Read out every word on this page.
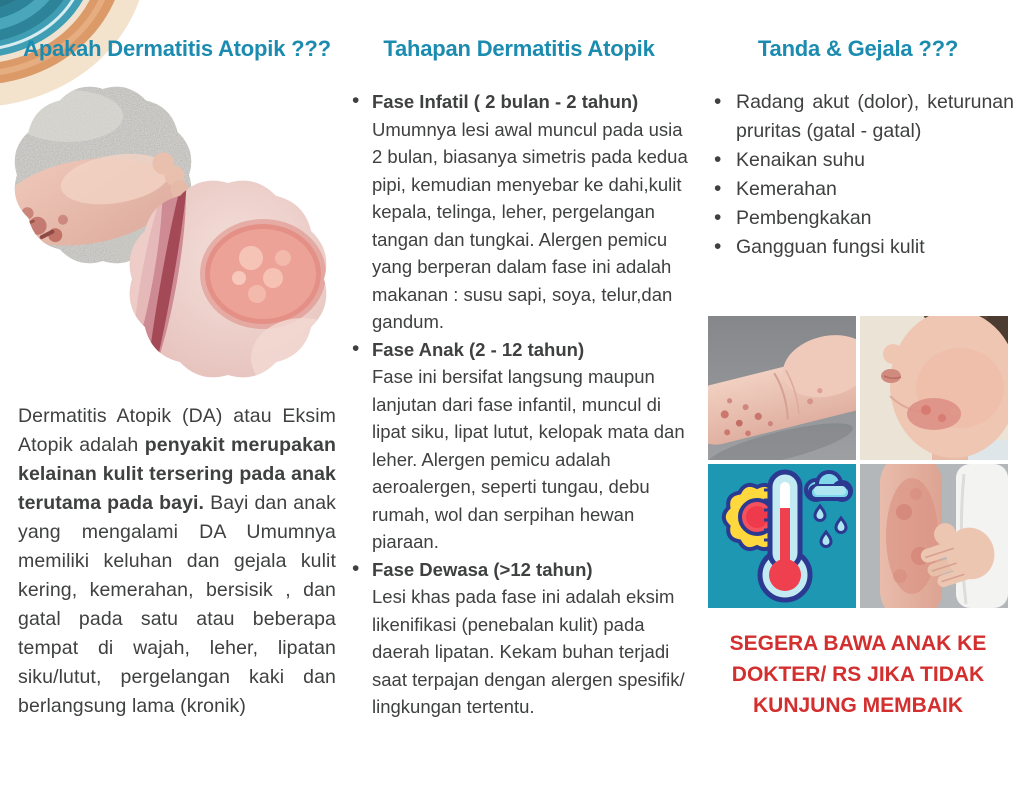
Apakah Dermatitis Atopik ???

Dermatitis Atopik (DA) atau Eksim Atopik adalah penyakit merupakan kelainan kulit tersering pada anak terutama pada bayi. Bayi dan anak yang mengalami DA Umumnya memiliki keluhan dan gejala kulit kering, kemerahan, bersisik , dan gatal pada satu atau beberapa tempat di wajah, leher, lipatan siku/lutut, pergelangan kaki dan berlangsung lama (kronik)

Tahapan Dermatitis Atopik
• Fase Infatil ( 2 bulan - 2 tahun)
Umumnya lesi awal muncul pada usia 2 bulan, biasanya simetris pada kedua pipi, kemudian menyebar ke dahi,kulit kepala, telinga, leher, pergelangan tangan dan tungkai. Alergen pemicu yang berperan dalam fase ini adalah makanan : susu sapi, soya, telur,dan gandum.
• Fase Anak (2 - 12 tahun)
Fase ini bersifat langsung maupun lanjutan dari fase infantil, muncul di lipat siku, lipat lutut, kelopak mata dan leher. Alergen pemicu adalah aeroalergen, seperti tungau, debu rumah, wol dan serpihan hewan piaraan.
• Fase Dewasa (>12 tahun)
Lesi khas pada fase ini adalah eksim likenifikasi (penebalan kulit) pada daerah lipatan. Kekam buhan terjadi saat terpajan dengan alergen spesifik/ lingkungan tertentu.
Tanda & Gejala ???
• Radang akut (dolor), keturunan pruritas (gatal - gatal)
• Kenaikan suhu
• Kemerahan
• Pembengkakan
• Gangguan fungsi kulit
SEGERA BAWA ANAK KE DOKTER/ RS JIKA TIDAK KUNJUNG MEMBAIK
